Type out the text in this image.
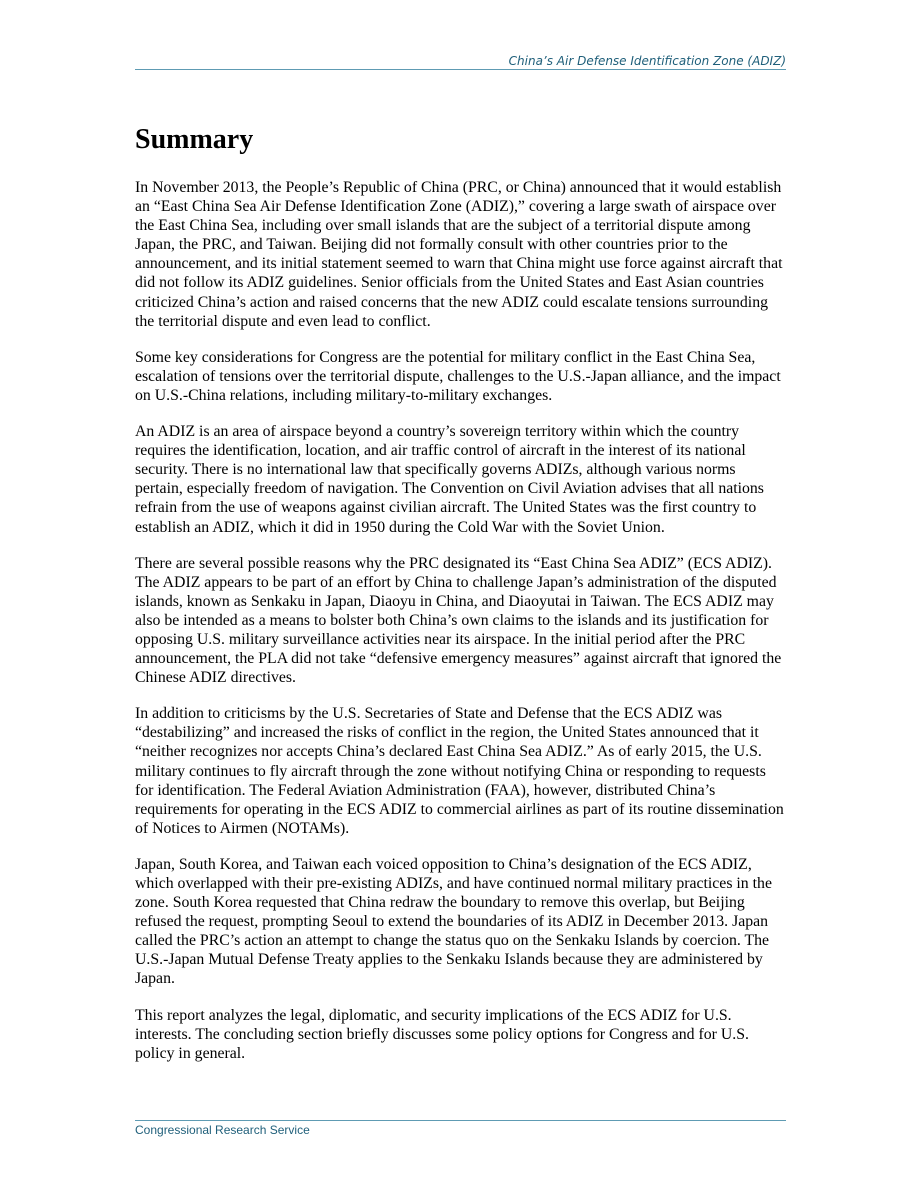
China’s Air Defense Identification Zone (ADIZ)
Summary

In November 2013, the People’s Republic of China (PRC, or China) announced that it would establish an “East China Sea Air Defense Identification Zone (ADIZ),” covering a large swath of airspace over the East China Sea, including over small islands that are the subject of a territorial dispute among Japan, the PRC, and Taiwan. Beijing did not formally consult with other countries prior to the announcement, and its initial statement seemed to warn that China might use force against aircraft that did not follow its ADIZ guidelines. Senior officials from the United States and East Asian countries criticized China’s action and raised concerns that the new ADIZ could escalate tensions surrounding the territorial dispute and even lead to conflict.

Some key considerations for Congress are the potential for military conflict in the East China Sea, escalation of tensions over the territorial dispute, challenges to the U.S.-Japan alliance, and the impact on U.S.-China relations, including military-to-military exchanges.

An ADIZ is an area of airspace beyond a country’s sovereign territory within which the country requires the identification, location, and air traffic control of aircraft in the interest of its national security. There is no international law that specifically governs ADIZs, although various norms pertain, especially freedom of navigation. The Convention on Civil Aviation advises that all nations refrain from the use of weapons against civilian aircraft. The United States was the first country to establish an ADIZ, which it did in 1950 during the Cold War with the Soviet Union.

There are several possible reasons why the PRC designated its “East China Sea ADIZ” (ECS ADIZ). The ADIZ appears to be part of an effort by China to challenge Japan’s administration of the disputed islands, known as Senkaku in Japan, Diaoyu in China, and Diaoyutai in Taiwan. The ECS ADIZ may also be intended as a means to bolster both China’s own claims to the islands and its justification for opposing U.S. military surveillance activities near its airspace. In the initial period after the PRC announcement, the PLA did not take “defensive emergency measures” against aircraft that ignored the Chinese ADIZ directives.

In addition to criticisms by the U.S. Secretaries of State and Defense that the ECS ADIZ was “destabilizing” and increased the risks of conflict in the region, the United States announced that it “neither recognizes nor accepts China’s declared East China Sea ADIZ.” As of early 2015, the U.S. military continues to fly aircraft through the zone without notifying China or responding to requests for identification. The Federal Aviation Administration (FAA), however, distributed China’s requirements for operating in the ECS ADIZ to commercial airlines as part of its routine dissemination of Notices to Airmen (NOTAMs).

Japan, South Korea, and Taiwan each voiced opposition to China’s designation of the ECS ADIZ, which overlapped with their pre-existing ADIZs, and have continued normal military practices in the zone. South Korea requested that China redraw the boundary to remove this overlap, but Beijing refused the request, prompting Seoul to extend the boundaries of its ADIZ in December 2013. Japan called the PRC’s action an attempt to change the status quo on the Senkaku Islands by coercion. The U.S.-Japan Mutual Defense Treaty applies to the Senkaku Islands because they are administered by Japan.

This report analyzes the legal, diplomatic, and security implications of the ECS ADIZ for U.S. interests. The concluding section briefly discusses some policy options for Congress and for U.S. policy in general.

Congressional Research Service
